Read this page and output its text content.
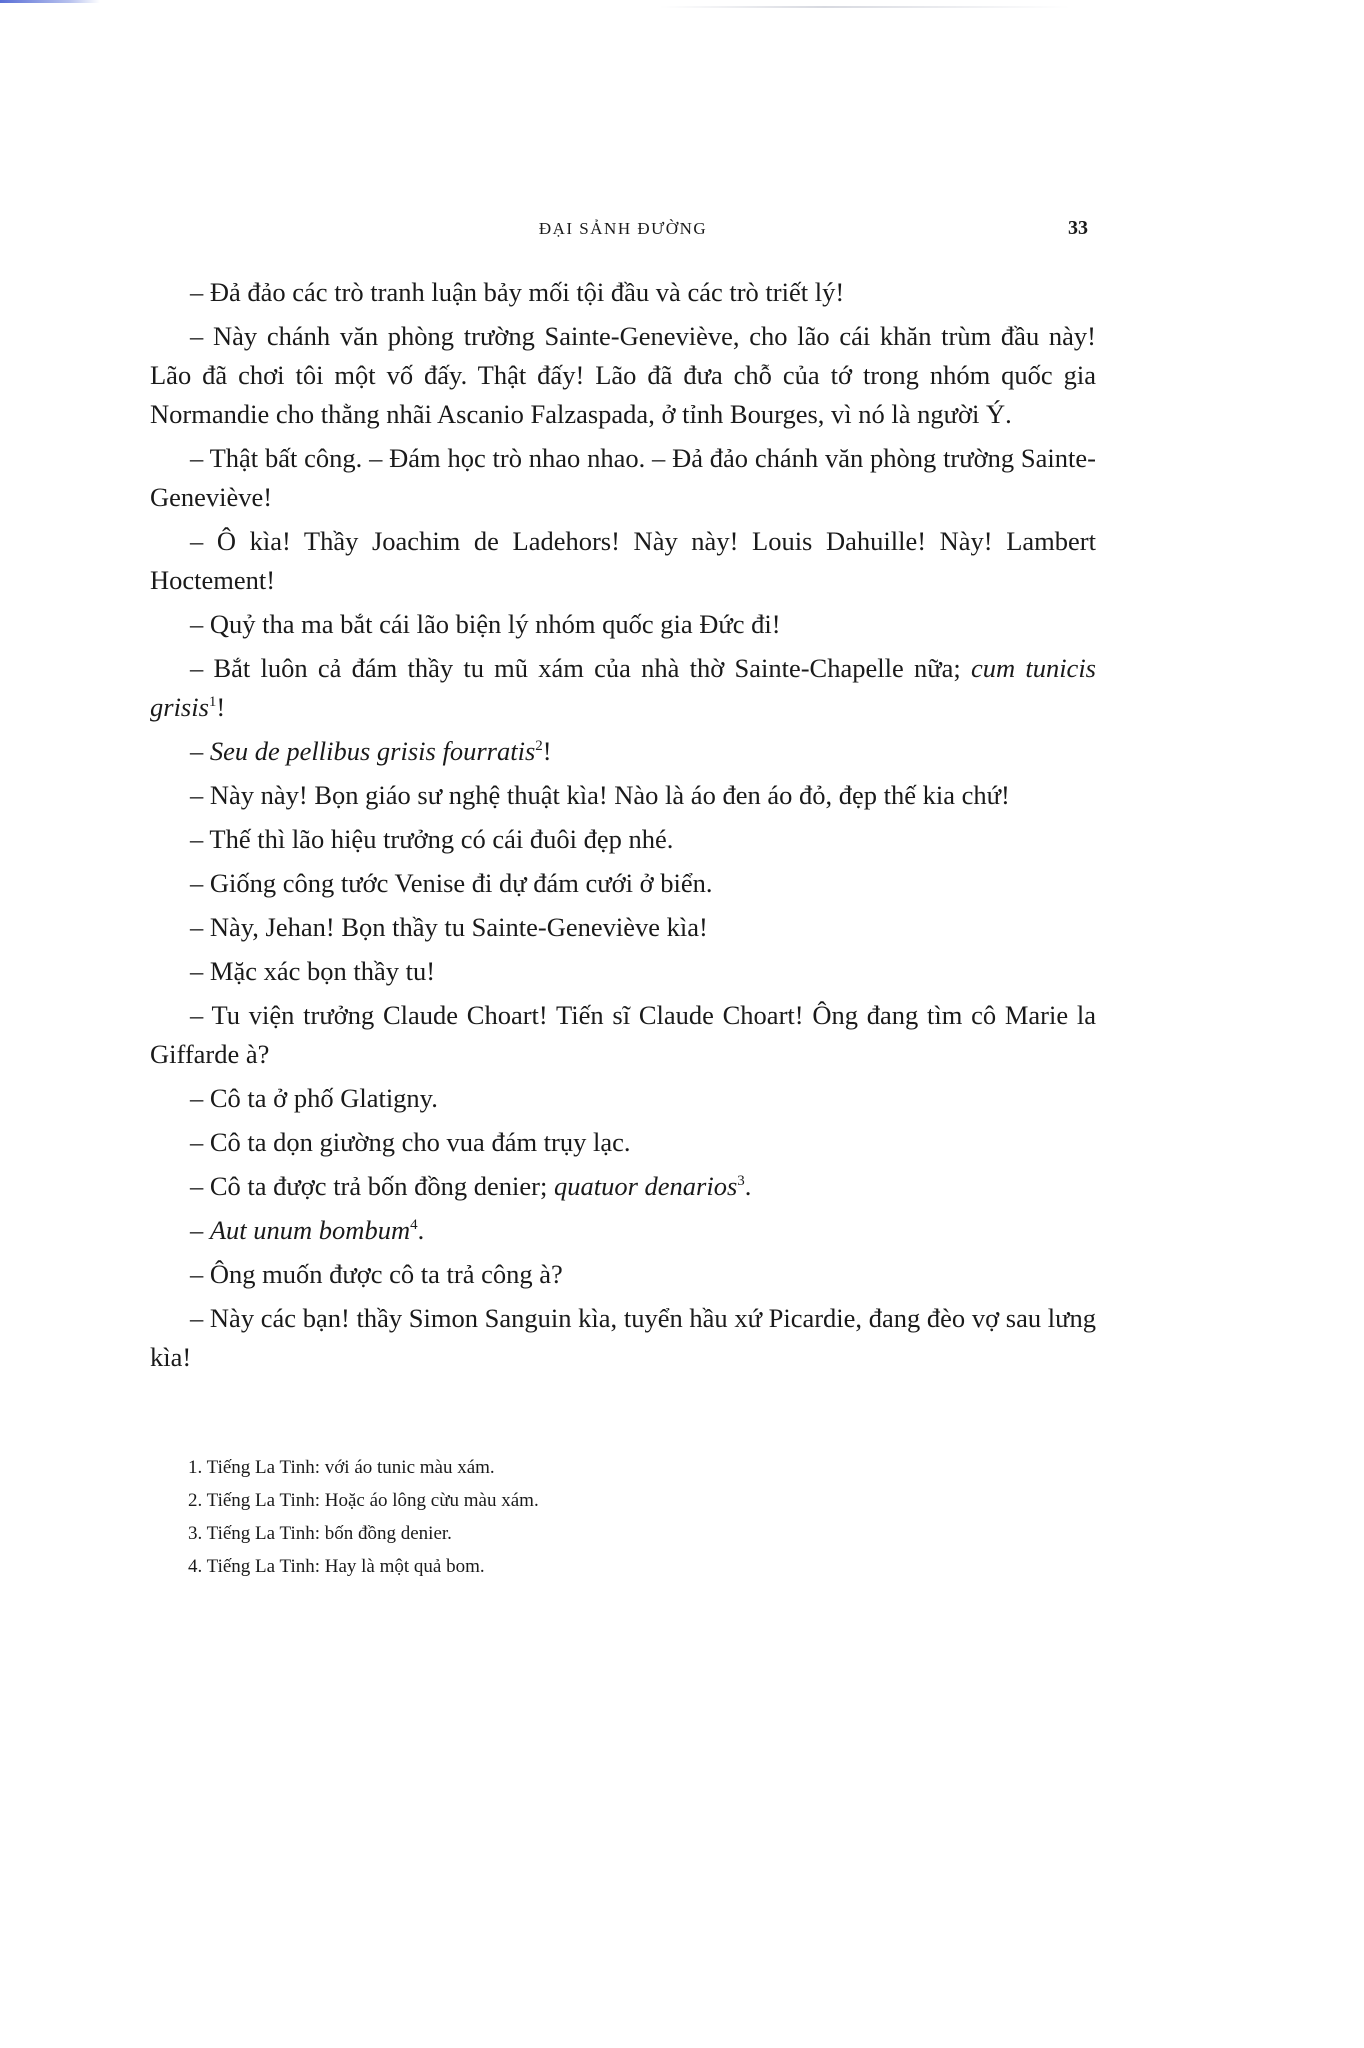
ĐẠI SẢNH ĐƯỜNG	33

– Đả đảo các trò tranh luận bảy mối tội đầu và các trò triết lý!

– Này chánh văn phòng trường Sainte-Geneviève, cho lão cái khăn trùm đầu này! Lão đã chơi tôi một vố đấy. Thật đấy! Lão đã đưa chỗ của tớ trong nhóm quốc gia Normandie cho thằng nhãi Ascanio Falzaspada, ở tỉnh Bourges, vì nó là người Ý.

– Thật bất công. – Đám học trò nhao nhao. – Đả đảo chánh văn phòng trường Sainte-Geneviève!

– Ô kìa! Thầy Joachim de Ladehors! Này này! Louis Dahuille! Này! Lambert Hoctement!

– Quỷ tha ma bắt cái lão biện lý nhóm quốc gia Đức đi!

– Bắt luôn cả đám thầy tu mũ xám của nhà thờ Sainte-Chapelle nữa; cum tunicis grisis$^1$!

– Seu de pellibus grisis fourratis$^2$!

– Này này! Bọn giáo sư nghệ thuật kìa! Nào là áo đen áo đỏ, đẹp thế kia chứ!

– Thế thì lão hiệu trưởng có cái đuôi đẹp nhé.

– Giống công tước Venise đi dự đám cưới ở biển.

– Này, Jehan! Bọn thầy tu Sainte-Geneviève kìa!

– Mặc xác bọn thầy tu!

– Tu viện trưởng Claude Choart! Tiến sĩ Claude Choart! Ông đang tìm cô Marie la Giffarde à?

– Cô ta ở phố Glatigny.

– Cô ta dọn giường cho vua đám trụy lạc.

– Cô ta được trả bốn đồng denier; quatuor denarios$^3$.

– Aut unum bombum$^4$.

– Ông muốn được cô ta trả công à?

– Này các bạn! thầy Simon Sanguin kìa, tuyển hầu xứ Picardie, đang đèo vợ sau lưng kìa!

1. Tiếng La Tinh: với áo tunic màu xám.

2. Tiếng La Tinh: Hoặc áo lông cừu màu xám.

3. Tiếng La Tinh: bốn đồng denier.

4. Tiếng La Tinh: Hay là một quả bom.
